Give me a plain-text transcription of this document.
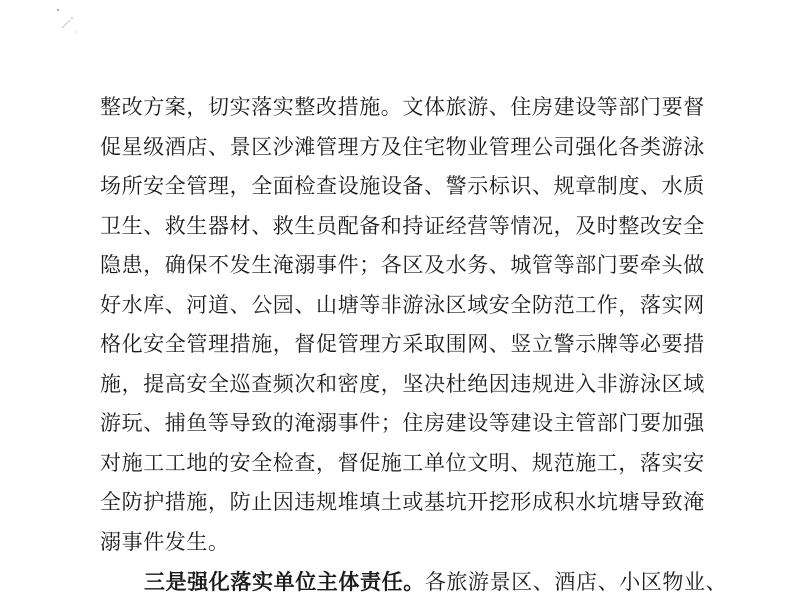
整改方案，切实落实整改措施。文体旅游、住房建设等部门要督
促星级酒店、景区沙滩管理方及住宅物业管理公司强化各类游泳
场所安全管理，全面检查设施设备、警示标识、规章制度、水质
卫生、救生器材、救生员配备和持证经营等情况，及时整改安全
隐患，确保不发生淹溺事件；各区及水务、城管等部门要牵头做
好水库、河道、公园、山塘等非游泳区域安全防范工作，落实网
格化安全管理措施，督促管理方采取围网、竖立警示牌等必要措
施，提高安全巡查频次和密度，坚决杜绝因违规进入非游泳区域
游玩、捕鱼等导致的淹溺事件；住房建设等建设主管部门要加强
对施工工地的安全检查，督促施工单位文明、规范施工，落实安
全防护措施，防止因违规堆填土或基坑开挖形成积水坑塘导致淹
溺事件发生。
三是强化落实单位主体责任。各旅游景区、酒店、小区物业、
